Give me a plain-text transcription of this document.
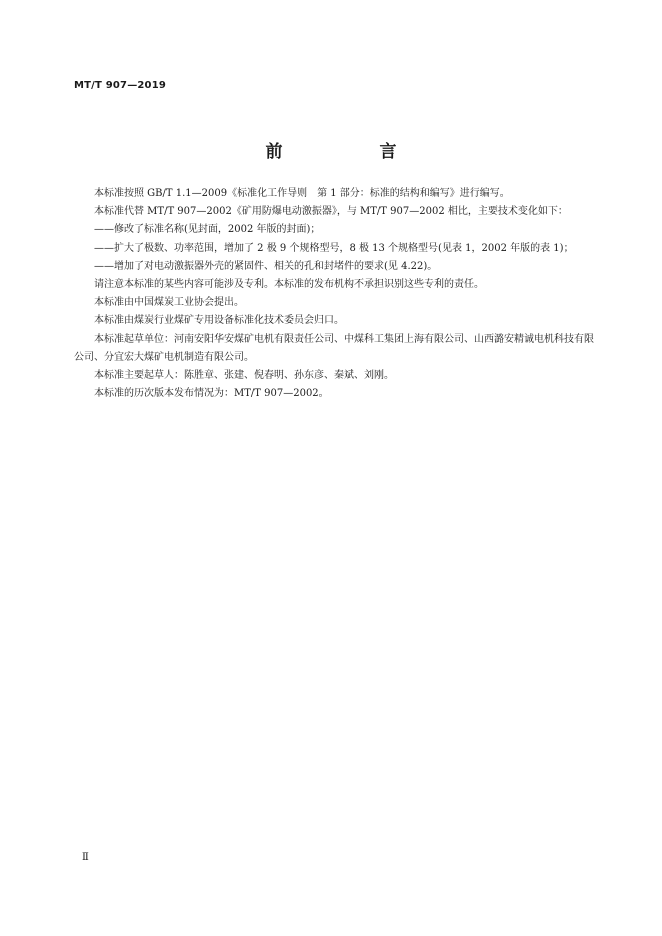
MT/T 907—2019
前　言

本标准按照 GB/T 1.1—2009《标准化工作导则　第 1 部分：标准的结构和编写》进行编写。

本标准代替 MT/T 907—2002《矿用防爆电动激振器》，与 MT/T 907—2002 相比，主要技术变化如下：

——修改了标准名称(见封面，2002 年版的封面)；

——扩大了极数、功率范围，增加了 2 极 9 个规格型号，8 极 13 个规格型号(见表 1，2002 年版的表 1)；

——增加了对电动激振器外壳的紧固件、相关的孔和封堵件的要求(见 4.22)。

请注意本标准的某些内容可能涉及专利。本标准的发布机构不承担识别这些专利的责任。

本标准由中国煤炭工业协会提出。

本标准由煤炭行业煤矿专用设备标准化技术委员会归口。

本标准起草单位：河南安阳华安煤矿电机有限责任公司、中煤科工集团上海有限公司、山西潞安精诚电机科技有限公司、分宜宏大煤矿电机制造有限公司。

本标准主要起草人：陈胜章、张建、倪春明、孙东彦、秦斌、刘刚。

本标准的历次版本发布情况为：MT/T 907—2002。

Ⅱ
